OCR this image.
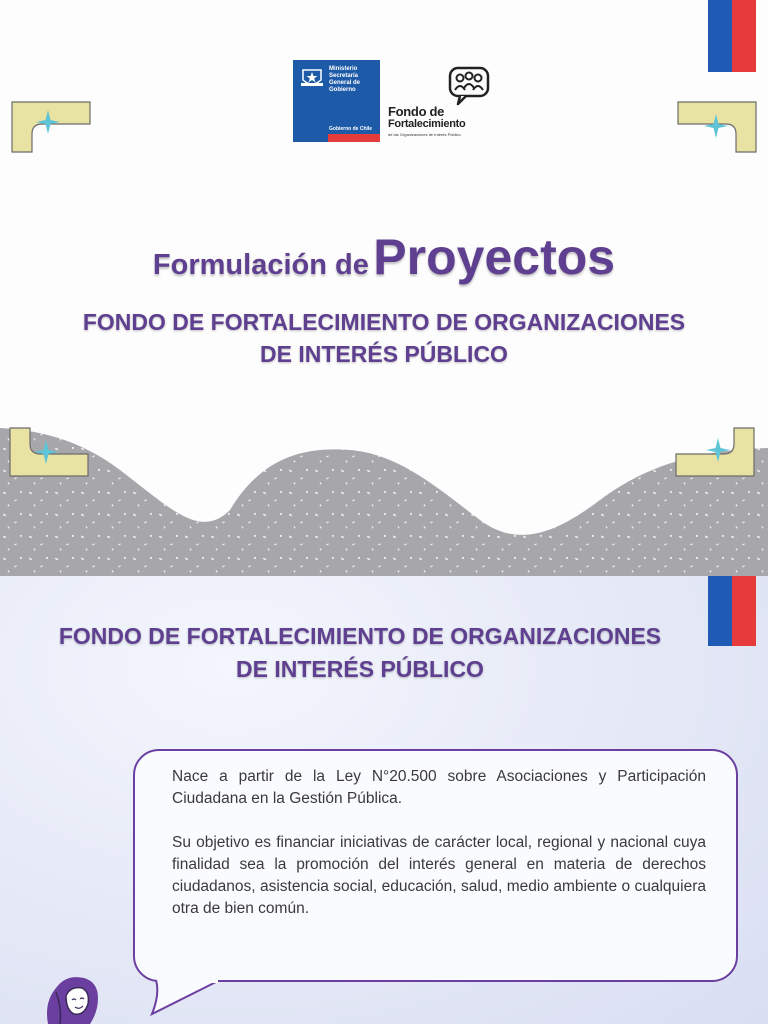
Ministerio
Secretaría
General de
Gobierno
Gobierno de Chile
Fondo de
Fortalecimiento
de las Organizaciones de Interés Público
Formulación de Proyectos
FONDO DE FORTALECIMIENTO DE ORGANIZACIONES
DE INTERÉS PÚBLICO
FONDO DE FORTALECIMIENTO DE ORGANIZACIONES
DE INTERÉS PÚBLICO

Nace a partir de la Ley N°20.500 sobre Asociaciones y Participación Ciudadana en la Gestión Pública.

Su objetivo es financiar iniciativas de carácter local, regional y nacional cuya finalidad sea la promoción del interés general en materia de derechos ciudadanos, asistencia social, educación, salud, medio ambiente o cualquiera otra de bien común.
